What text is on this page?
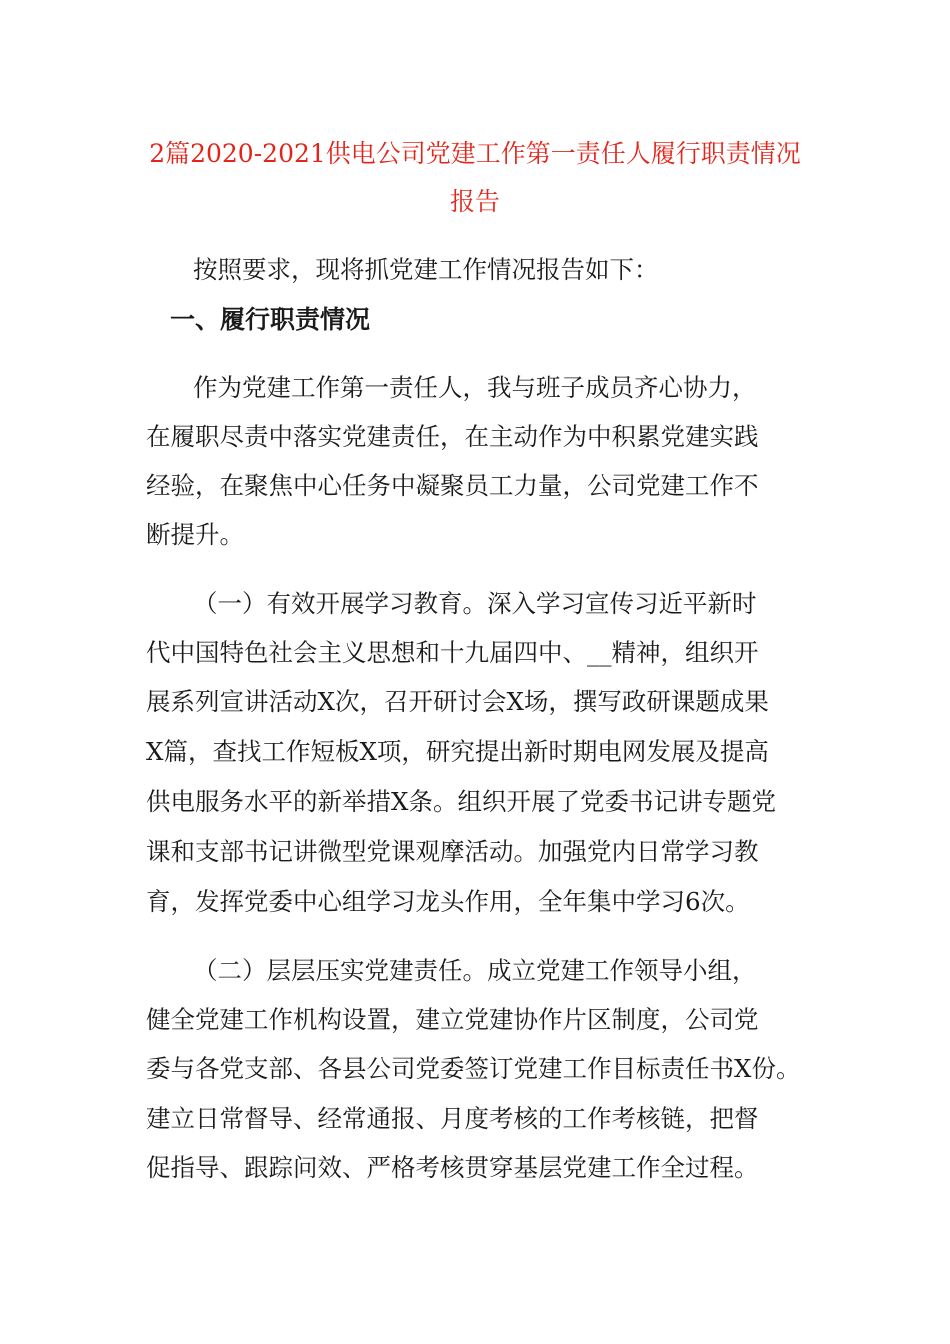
2篇2020-2021供电公司党建工作第一责任人履行职责情况
报告

按照要求，现将抓党建工作情况报告如下：

一、履行职责情况

作为党建工作第一责任人，我与班子成员齐心协力，

在履职尽责中落实党建责任，在主动作为中积累党建实践

经验，在聚焦中心任务中凝聚员工力量，公司党建工作不

断提升。

（一）有效开展学习教育。深入学习宣传习近平新时

代中国特色社会主义思想和十九届四中、__精神，组织开

展系列宣讲活动X次，召开研讨会X场，撰写政研课题成果

X篇，查找工作短板X项，研究提出新时期电网发展及提高

供电服务水平的新举措X条。组织开展了党委书记讲专题党

课和支部书记讲微型党课观摩活动。加强党内日常学习教

育，发挥党委中心组学习龙头作用，全年集中学习6次。

（二）层层压实党建责任。成立党建工作领导小组，

健全党建工作机构设置，建立党建协作片区制度，公司党

委与各党支部、各县公司党委签订党建工作目标责任书X份。

建立日常督导、经常通报、月度考核的工作考核链，把督

促指导、跟踪问效、严格考核贯穿基层党建工作全过程。
